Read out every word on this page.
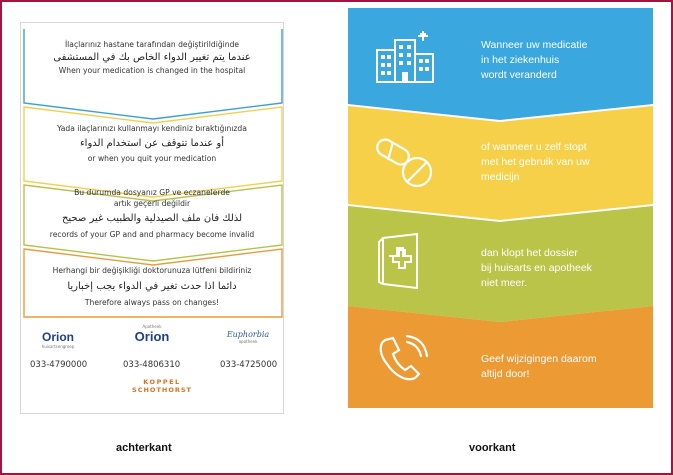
İlaçlarınız hastane tarafından değiştirildiğinde
عندما يتم تغيير الدواء الخاص بك في المستشفى
When your medication is changed in the hospital
Yada ilaçlarınızı kullanmayı kendiniz bıraktığınızda
أو عندما تتوقف عن استخدام الدواء
or when you quit your medication
Bu durumda dosyanız GP ve eczanelerde artık geçerli değildir
لذلك فان ملف الصيدلية والطبيب غير صحيح
records of your GP and and pharmacy become invalid
Herhangi bir değişikliği doktorunuza lütfeni bildiriniz
دائما اذا حدث تغير في الدواء يجب إخباريا
Therefore always pass on changes!
Orion
huisartsengroep
033-4790000
Apotheek
Orion
033-4806310
Euphorbia
apotheek
033-4725000
KOPPEL
SCHOTHORST
Wanneer uw medicatie
in het ziekenhuis
wordt veranderd
of wanneer u zelf stopt
met het gebruik van uw
medicijn
dan klopt het dossier
bij huisarts en apotheek
niet meer.
Geef wijzigingen daarom
altijd door!
achterkant	voorkant
